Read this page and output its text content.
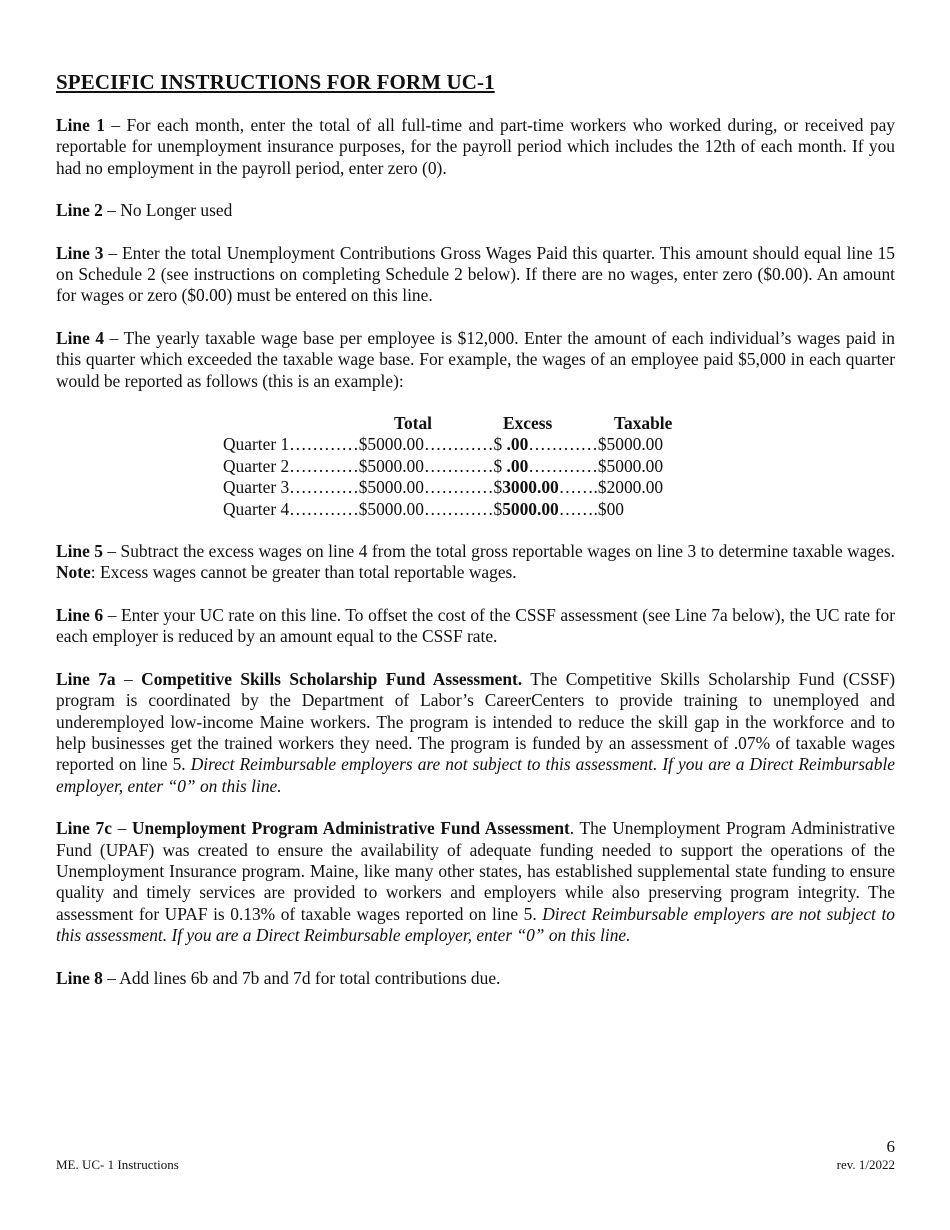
SPECIFIC INSTRUCTIONS FOR FORM UC-1

Line 1 – For each month, enter the total of all full-time and part-time workers who worked during, or received pay reportable for unemployment insurance purposes, for the payroll period which includes the 12th of each month. If you had no employment in the payroll period, enter zero (0).

Line 2 – No Longer used

Line 3 – Enter the total Unemployment Contributions Gross Wages Paid this quarter. This amount should equal line 15 on Schedule 2 (see instructions on completing Schedule 2 below). If there are no wages, enter zero ($0.00). An amount for wages or zero ($0.00) must be entered on this line.

Line 4 – The yearly taxable wage base per employee is $12,000. Enter the amount of each individual’s wages paid in this quarter which exceeded the taxable wage base. For example, the wages of an employee paid $5,000 in each quarter would be reported as follows (this is an example):

Total	Excess	Taxable
Quarter 1…………$5000.00…………$ .00…………$5000.00
Quarter 2…………$5000.00…………$ .00…………$5000.00
Quarter 3…………$5000.00…………$3000.00…….$2000.00
Quarter 4…………$5000.00…………$5000.00…….$00

Line 5 – Subtract the excess wages on line 4 from the total gross reportable wages on line 3 to determine taxable wages. Note: Excess wages cannot be greater than total reportable wages.

Line 6 – Enter your UC rate on this line. To offset the cost of the CSSF assessment (see Line 7a below), the UC rate for each employer is reduced by an amount equal to the CSSF rate.

Line 7a – Competitive Skills Scholarship Fund Assessment. The Competitive Skills Scholarship Fund (CSSF) program is coordinated by the Department of Labor’s CareerCenters to provide training to unemployed and underemployed low-income Maine workers. The program is intended to reduce the skill gap in the workforce and to help businesses get the trained workers they need. The program is funded by an assessment of .07% of taxable wages reported on line 5. Direct Reimbursable employers are not subject to this assessment. If you are a Direct Reimbursable employer, enter “0” on this line.

Line 7c – Unemployment Program Administrative Fund Assessment. The Unemployment Program Administrative Fund (UPAF) was created to ensure the availability of adequate funding needed to support the operations of the Unemployment Insurance program. Maine, like many other states, has established supplemental state funding to ensure quality and timely services are provided to workers and employers while also preserving program integrity. The assessment for UPAF is 0.13% of taxable wages reported on line 5. Direct Reimbursable employers are not subject to this assessment. If you are a Direct Reimbursable employer, enter “0” on this line.

Line 8 – Add lines 6b and 7b and 7d for total contributions due.

6
ME. UC- 1 Instructions	rev. 1/2022
